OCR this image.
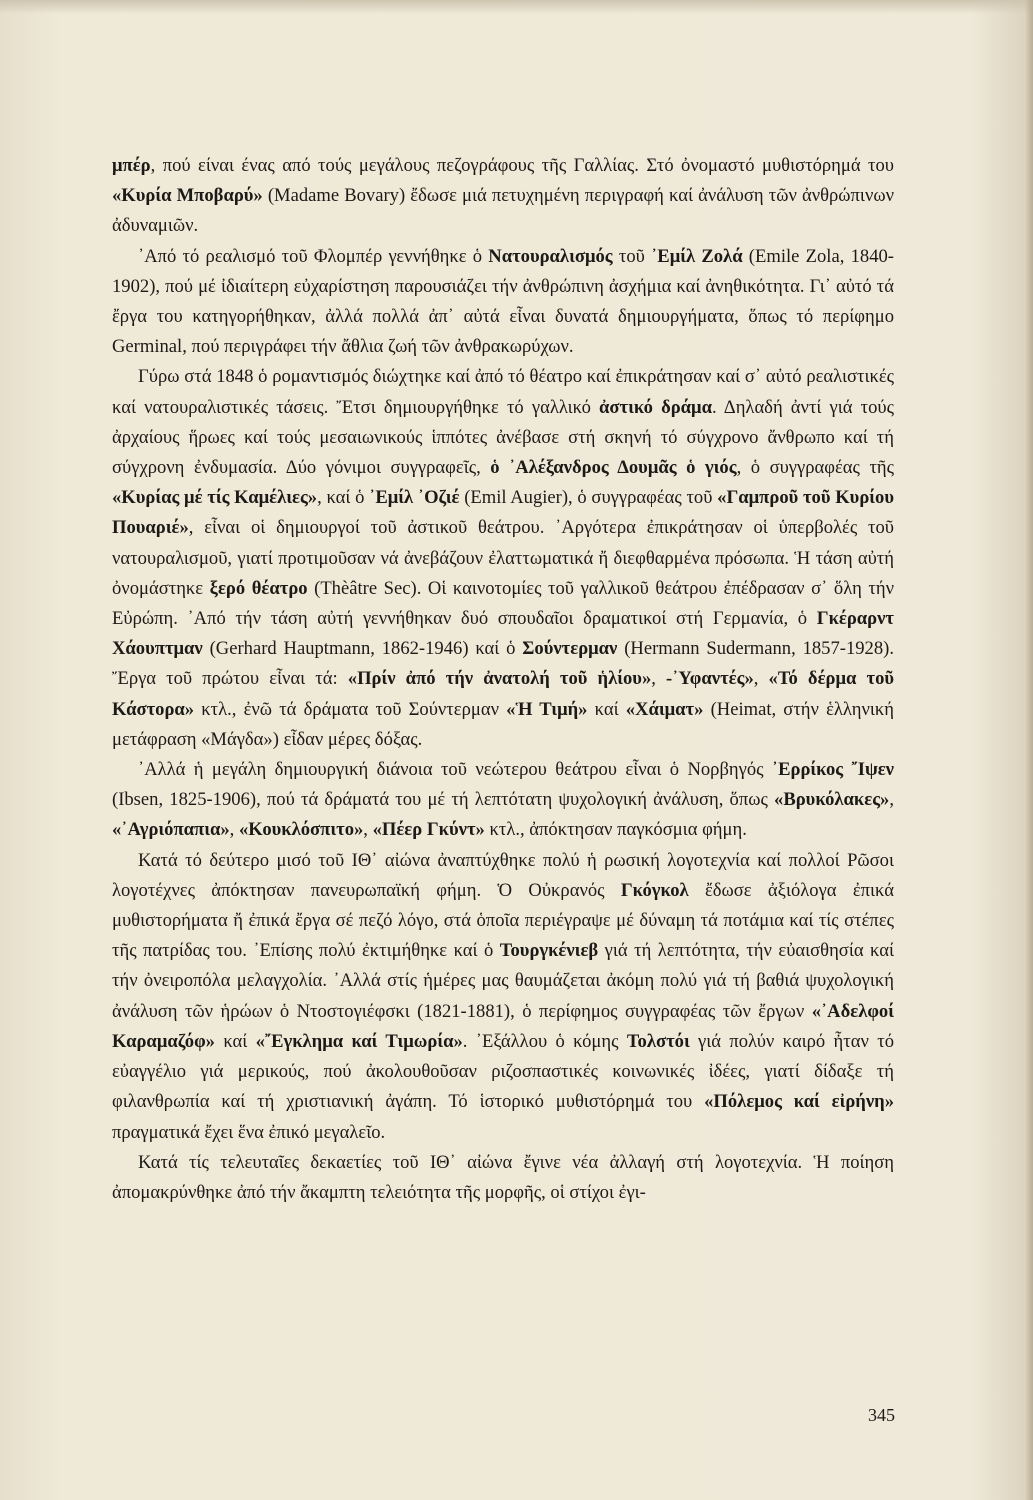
μπέρ, πού είναι ένας από τούς μεγάλους πεζογράφους τῆς Γαλλίας. Στό ὀνομαστό μυθιστόρημά του «Κυρία Μποβαρύ» (Madame Bovary) ἔδωσε μιά πετυχημένη περιγραφή καί ἀνάλυση τῶν ἀνθρώπινων ἀδυναμιῶν.

᾽Από τό ρεαλισμό τοῦ Φλομπέρ γεννήθηκε ὁ Νατουραλισμός τοῦ ᾽Εμίλ Ζολά (Emile Zola, 1840-1902), πού μέ ἰδιαίτερη εὐχαρίστηση παρουσιάζει τήν ἀνθρώπινη ἀσχήμια καί ἀνηθικότητα. Γι᾽ αὐτό τά ἔργα του κατηγορήθηκαν, ἀλλά πολλά ἀπ᾽ αὐτά εἶναι δυνατά δημιουργήματα, ὅπως τό περίφημο Germinal, πού περιγράφει τήν ἄθλια ζωή τῶν ἀνθρακωρύχων.

Γύρω στά 1848 ὁ ρομαντισμός διώχτηκε καί ἀπό τό θέατρο καί ἐπικράτησαν καί σ᾽ αὐτό ρεαλιστικές καί νατουραλιστικές τάσεις. Ἔτσι δημιουργήθηκε τό γαλλικό ἀστικό δράμα. Δηλαδή ἀντί γιά τούς ἀρχαίους ἥρωες καί τούς μεσαιωνικούς ἱππότες ἀνέβασε στή σκηνή τό σύγχρονο ἄνθρωπο καί τή σύγχρονη ἐνδυμασία. Δύο γόνιμοι συγγραφεῖς, ὁ ᾽Αλέξανδρος Δουμᾶς ὁ γιός, ὁ συγγραφέας τῆς «Κυρίας μέ τίς Καμέλιες», καί ὁ ᾽Εμίλ ᾽Οζιέ (Emil Augier), ὁ συγγραφέας τοῦ «Γαμπροῦ τοῦ Κυρίου Πουαριέ», εἶναι οἱ δημιουργοί τοῦ ἀστικοῦ θεάτρου. ᾽Αργότερα ἐπικράτησαν οἱ ὑπερβολές τοῦ νατουραλισμοῦ, γιατί προτιμοῦσαν νά ἀνεβάζουν ἐλαττωματικά ἤ διεφθαρμένα πρόσωπα. Ἡ τάση αὐτή ὀνομάστηκε ξερό θέατρο (Thèâtre Sec). Οἱ καινοτομίες τοῦ γαλλικοῦ θεάτρου ἐπέδρασαν σ᾽ ὅλη τήν Εὐρώπη. ᾽Από τήν τάση αὐτή γεννήθηκαν δυό σπουδαῖοι δραματικοί στή Γερμανία, ὁ Γκέραρντ Χάουπτμαν (Gerhard Hauptmann, 1862-1946) καί ὁ Σούντερμαν (Hermann Sudermann, 1857-1928). Ἔργα τοῦ πρώτου εἶναι τά: «Πρίν ἀπό τήν ἀνατολή τοῦ ἡλίου», -᾽Υφαντές», «Τό δέρμα τοῦ Κάστορα» κτλ., ἐνῶ τά δράματα τοῦ Σούντερμαν «Ἡ Τιμή» καί «Χάιματ» (Heimat, στήν ἑλληνική μετάφραση «Μάγδα») εἶδαν μέρες δόξας.

᾽Αλλά ἡ μεγάλη δημιουργική διάνοια τοῦ νεώτερου θεάτρου εἶναι ὁ Νορβηγός ᾽Ερρίκος ῎Ιψεν (Ibsen, 1825-1906), πού τά δράματά του μέ τή λεπτότατη ψυχολογική ἀνάλυση, ὅπως «Βρυκόλακες», «᾽Αγριόπαπια», «Κουκλόσπιτο», «Πέερ Γκύντ» κτλ., ἀπόκτησαν παγκόσμια φήμη.

Κατά τό δεύτερο μισό τοῦ ΙΘ᾽ αἰώνα ἀναπτύχθηκε πολύ ἡ ρωσική λογοτεχνία καί πολλοί Ρῶσοι λογοτέχνες ἀπόκτησαν πανευρωπαϊκή φήμη. Ὁ Οὐκρανός Γκόγκολ ἔδωσε ἀξιόλογα ἐπικά μυθιστορήματα ἤ ἐπικά ἔργα σέ πεζό λόγο, στά ὁποῖα περιέγραψε μέ δύναμη τά ποτάμια καί τίς στέπες τῆς πατρίδας του. ᾽Επίσης πολύ ἐκτιμήθηκε καί ὁ Τουργκένιεβ γιά τή λεπτότητα, τήν εὐαισθησία καί τήν ὀνειροπόλα μελαγχολία. ᾽Αλλά στίς ἡμέρες μας θαυμάζεται ἀκόμη πολύ γιά τή βαθιά ψυχολογική ἀνάλυση τῶν ἡρώων ὁ Ντοστογιέφσκι (1821-1881), ὁ περίφημος συγγραφέας τῶν ἔργων «᾽Αδελφοί Καραμαζόφ» καί «῎Εγκλημα καί Τιμωρία». ᾽Εξάλλου ὁ κόμης Τολστόι γιά πολύν καιρό ἦταν τό εὐαγγέλιο γιά μερικούς, πού ἀκολουθοῦσαν ριζοσπαστικές κοινωνικές ἰδέες, γιατί δίδαξε τή φιλανθρωπία καί τή χριστιανική ἀγάπη. Τό ἱστορικό μυθιστόρημά του «Πόλεμος καί εἰρήνη» πραγματικά ἔχει ἕνα ἐπικό μεγαλεῖο.

Κατά τίς τελευταῖες δεκαετίες τοῦ ΙΘ᾽ αἰώνα ἔγινε νέα ἀλλαγή στή λογοτεχνία. Ἡ ποίηση ἀπομακρύνθηκε ἀπό τήν ἄκαμπτη τελειότητα τῆς μορφῆς, οἱ στίχοι ἐγι-

345
